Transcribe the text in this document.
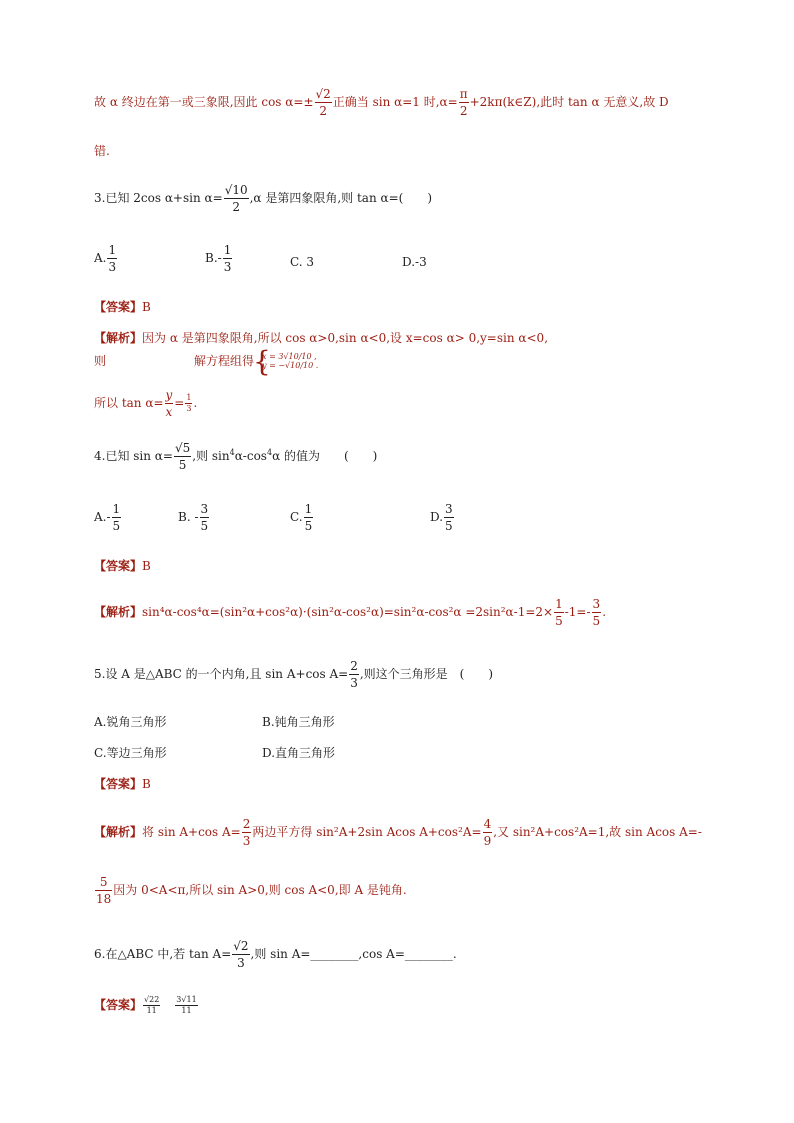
故 α 终边在第一或三象限,因此 $\cos \alpha=\pm \frac{√2}{2}$ 正确当 sin α=1 时$,\alpha= \frac{\pi}{2}$ +2kπ(k∈Z),此时 tan α 无意义,故 D
错.
3.已知 2cos α+sin $\alpha= \frac{√10}{2} ,\alpha$ 是第四象限角,则 tan α=(　　)
A. $\frac{1}{3}$	$B.- \frac{1}{3}$	C. 3	D.-3
【答案】B
【解析】因为 α 是第四象限角,所以 cos α>0,sin α<0,设 x=cos α> 0,y=sin α<0,
则	解方程组得 { x = 3√10/10 ,
y = −√10/10 .
所以 $\tan \alpha= \frac{y}{x} = \frac{1}{3}$ .
4.已知 $\sin \alpha= \frac{√5}{5}$ ,则 $\sin^4\alpha-\cos^4\alpha$ 的值为　　(　　)
$A.- \frac{1}{5}$	B. - $\frac{3}{5}$	C. $\frac{1}{5}$	D. $\frac{3}{5}$
【答案】B
【解析】$\sin^4\alpha-\cos^4\alpha=(\sin^2\alpha+\cos^2\alpha)\cdot(\sin^2\alpha-\cos^2\alpha)=\sin^2\alpha-\cos^2\alpha =2\sin^2\alpha-1=2\times \frac{1}{5} -1=- \frac{3}{5}$ .
5.设 A 是△ABC 的一个内角,且 sin A+cos $A= \frac{2}{3}$ ,则这个三角形是　(　　)
A.锐角三角形	B.钝角三角形
C.等边三角形	D.直角三角形
【答案】B
【解析】将 sin A+cos $A= \frac{2}{3}$ 两边平方得 sin²A+2sin Acos $A+\cos^2A= \frac{4}{9}$ ,又 sin²A+cos²A=1,故 sin Acos A=-
$\frac{5}{18}$ 因为 0<A<π,所以 sin A>0,则 cos A<0,即 A 是钝角.
6.在△ABC 中,若 $\tan A= \frac{√2}{3}$ ,则 sin A=________,cos A=________.
【答案】 $\frac{√22}{11} \frac{3√11}{11}$
